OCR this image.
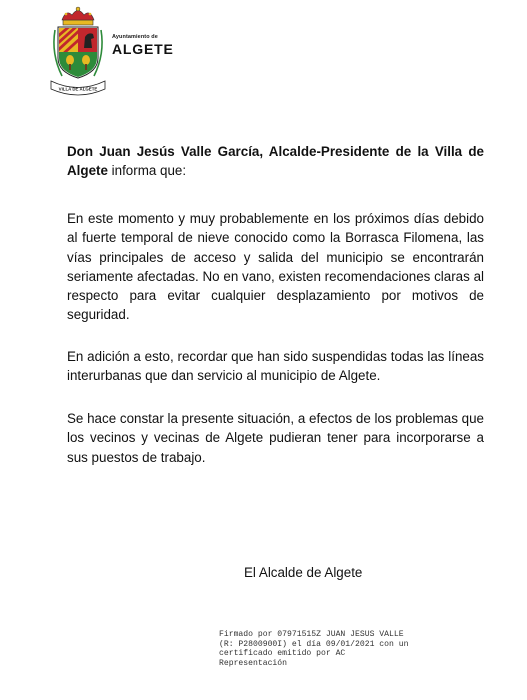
VILLA DE ALGETE
Ayuntamiento de
ALGETE

Don Juan Jesús Valle García, Alcalde-Presidente de la Villa de Algete informa que:

En este momento y muy probablemente en los próximos días debido al fuerte temporal de nieve conocido como la Borrasca Filomena, las vías principales de acceso y salida del municipio se encontrarán seriamente afectadas. No en vano, existen recomendaciones claras al respecto para evitar cualquier desplazamiento por motivos de seguridad.

En adición a esto, recordar que han sido suspendidas todas las líneas interurbanas que dan servicio al municipio de Algete.

Se hace constar la presente situación, a efectos de los problemas que los vecinos y vecinas de Algete pudieran tener para incorporarse a sus puestos de trabajo.

El Alcalde de Algete

Firmado por 07971515Z JUAN JESUS VALLE
(R: P2800900I) el día 09/01/2021 con un
certificado emitido por AC
Representación
